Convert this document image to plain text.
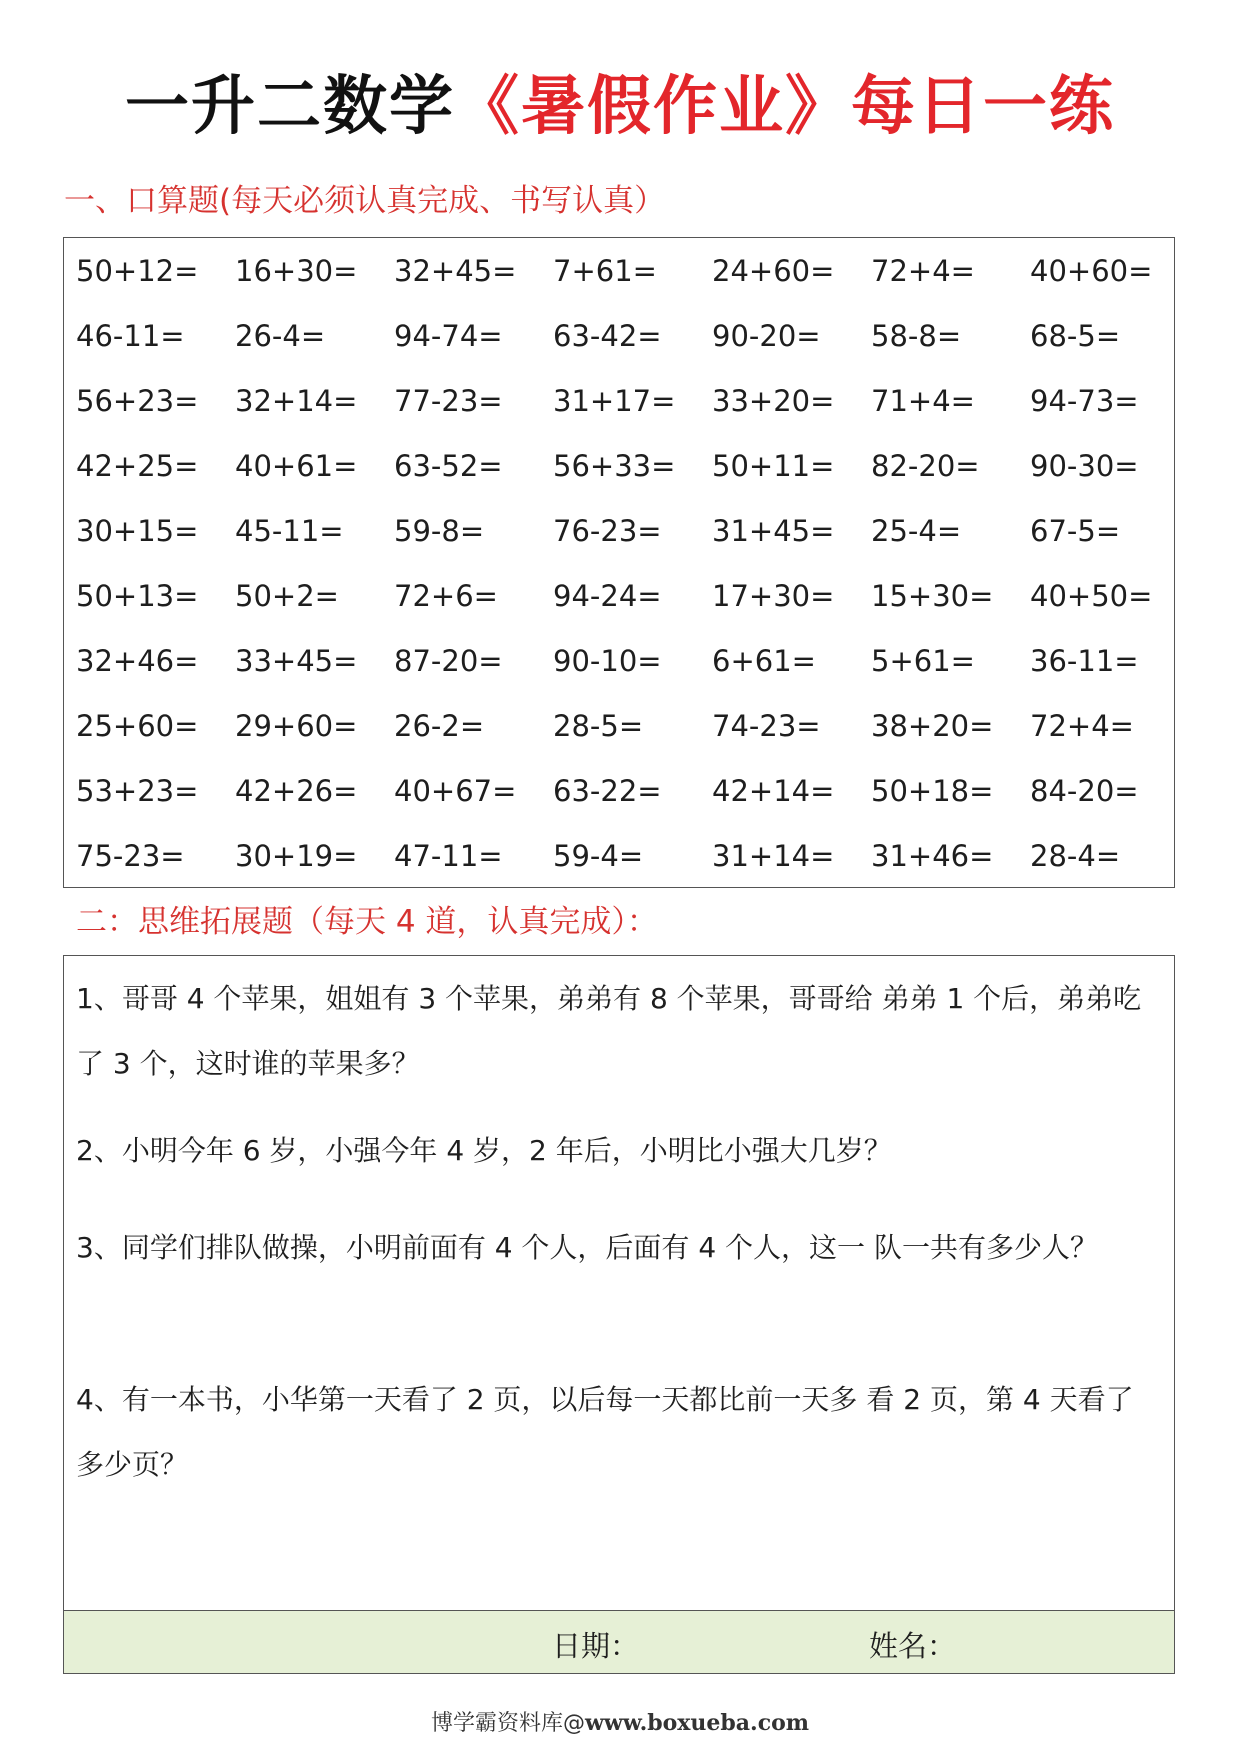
一升二数学《暑假作业》每日一练
一、口算题(每天必须认真完成、书写认真）
50+12= 16+30= 32+45= 7+61= 24+60= 72+4= 40+60=
46-11= 26-4= 94-74= 63-42= 90-20= 58-8= 68-5=
56+23= 32+14= 77-23= 31+17= 33+20= 71+4= 94-73=
42+25= 40+61= 63-52= 56+33= 50+11= 82-20= 90-30=
30+15= 45-11= 59-8= 76-23= 31+45= 25-4= 67-5=
50+13= 50+2= 72+6= 94-24= 17+30= 15+30= 40+50=
32+46= 33+45= 87-20= 90-10= 6+61= 5+61= 36-11=
25+60= 29+60= 26-2= 28-5= 74-23= 38+20= 72+4=
53+23= 42+26= 40+67= 63-22= 42+14= 50+18= 84-20=
75-23= 30+19= 47-11= 59-4= 31+14= 31+46= 28-4=
二：思维拓展题（每天 4 道，认真完成）：
1、哥哥 4 个苹果，姐姐有 3 个苹果，弟弟有 8 个苹果，哥哥给 弟弟 1 个后，弟弟吃了 3 个，这时谁的苹果多？
2、小明今年 6 岁，小强今年 4 岁，2 年后，小明比小强大几岁？
3、同学们排队做操，小明前面有 4 个人，后面有 4 个人，这一 队一共有多少人？
4、有一本书，小华第一天看了 2 页，以后每一天都比前一天多 看 2 页，第 4 天看了多少页？
日期：	姓名：
博学霸资料库@www.boxueba.com
